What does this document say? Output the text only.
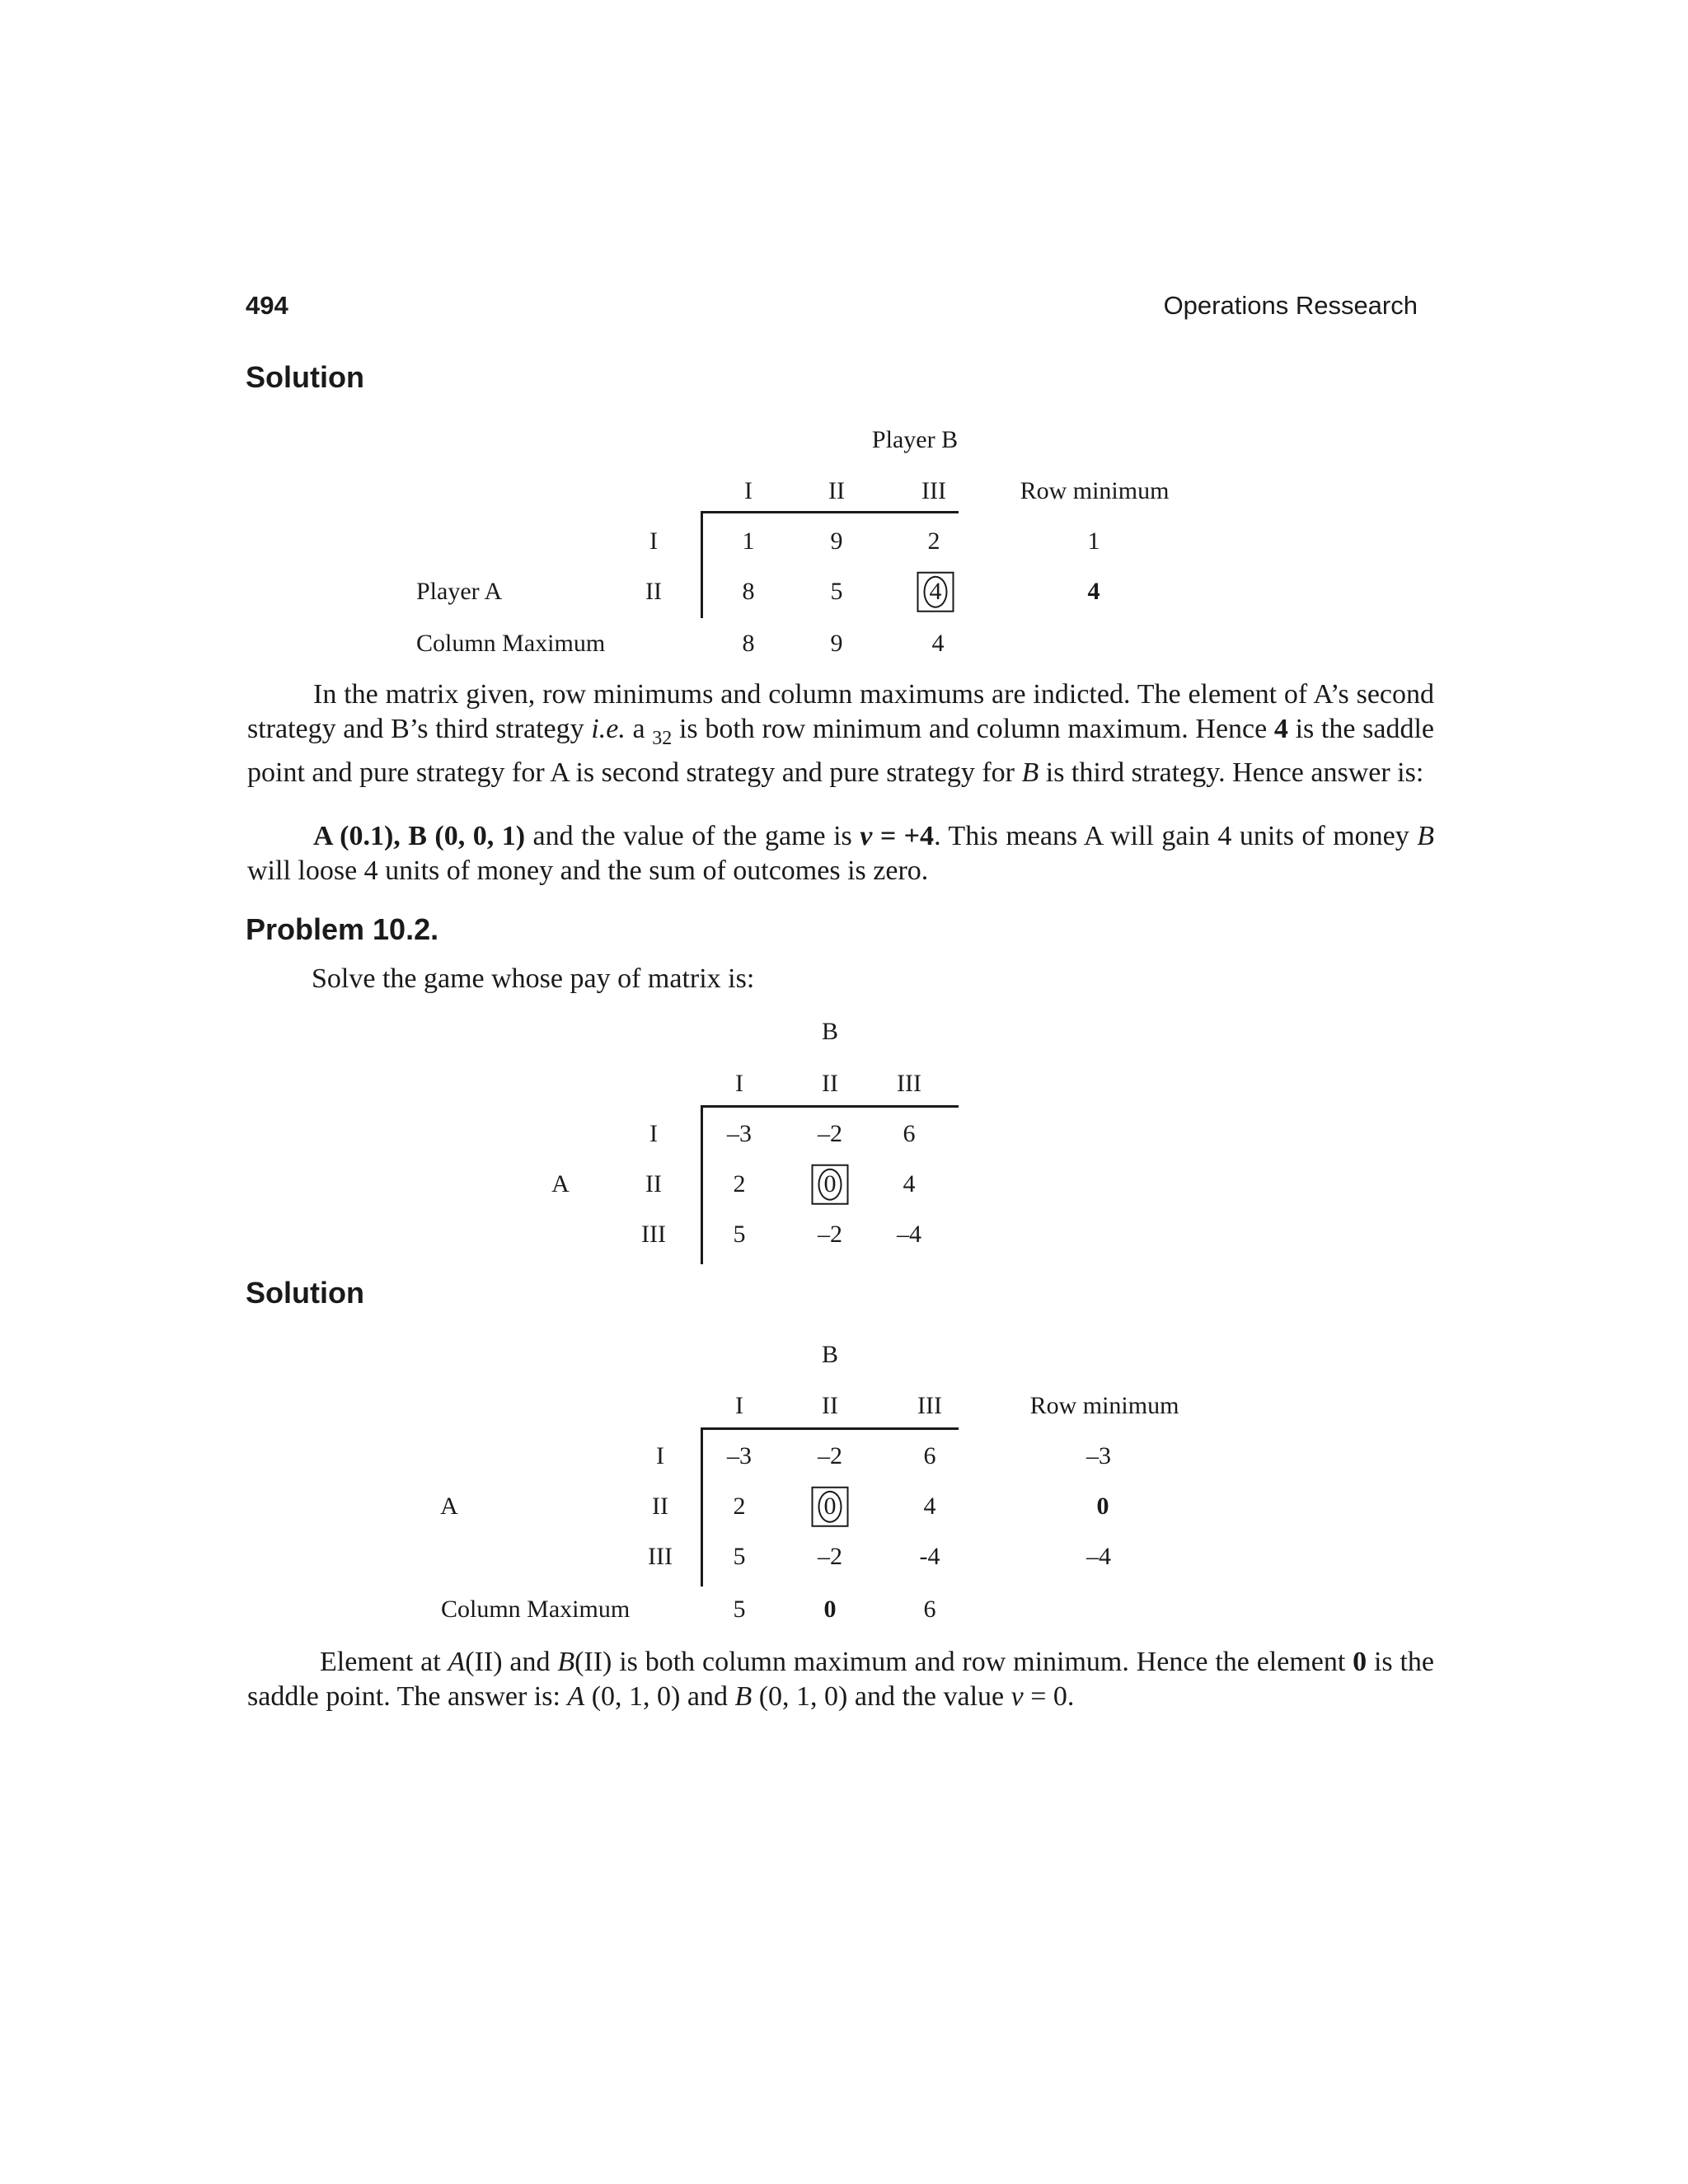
494	Operations Ressearch
Solution
Player B
I	II	III	Row minimum
I	1	9	2	1
Player A	II	8	5	4	4
Column Maximum	8	9	4

In the matrix given, row minimums and column maximums are indicted. The element of A’s second strategy and B’s third strategy i.e. a $_{32}$ is both row minimum and column maximum. Hence 4 is the saddle point and pure strategy for A is second strategy and pure strategy for B is third strategy. Hence answer is:

A (0.1), B (0, 0, 1) and the value of the game is v = +4. This means A will gain 4 units of money B will loose 4 units of money and the sum of outcomes is zero.

Problem 10.2.
Solve the game whose pay of matrix is:
B
I	II III
I	–3	–2 6
A	II	2	0	4
III	5	–2 –4
Solution
B
I	II	III	Row minimum
I	–3	–2	6	–3
A	II	2	0	4	0
III 5	–2	-4	–4
Column Maximum	5	0	6

Element at A(II) and B(II) is both column maximum and row minimum. Hence the element 0 is the saddle point. The answer is: A (0, 1, 0) and B (0, 1, 0) and the value v = 0.
